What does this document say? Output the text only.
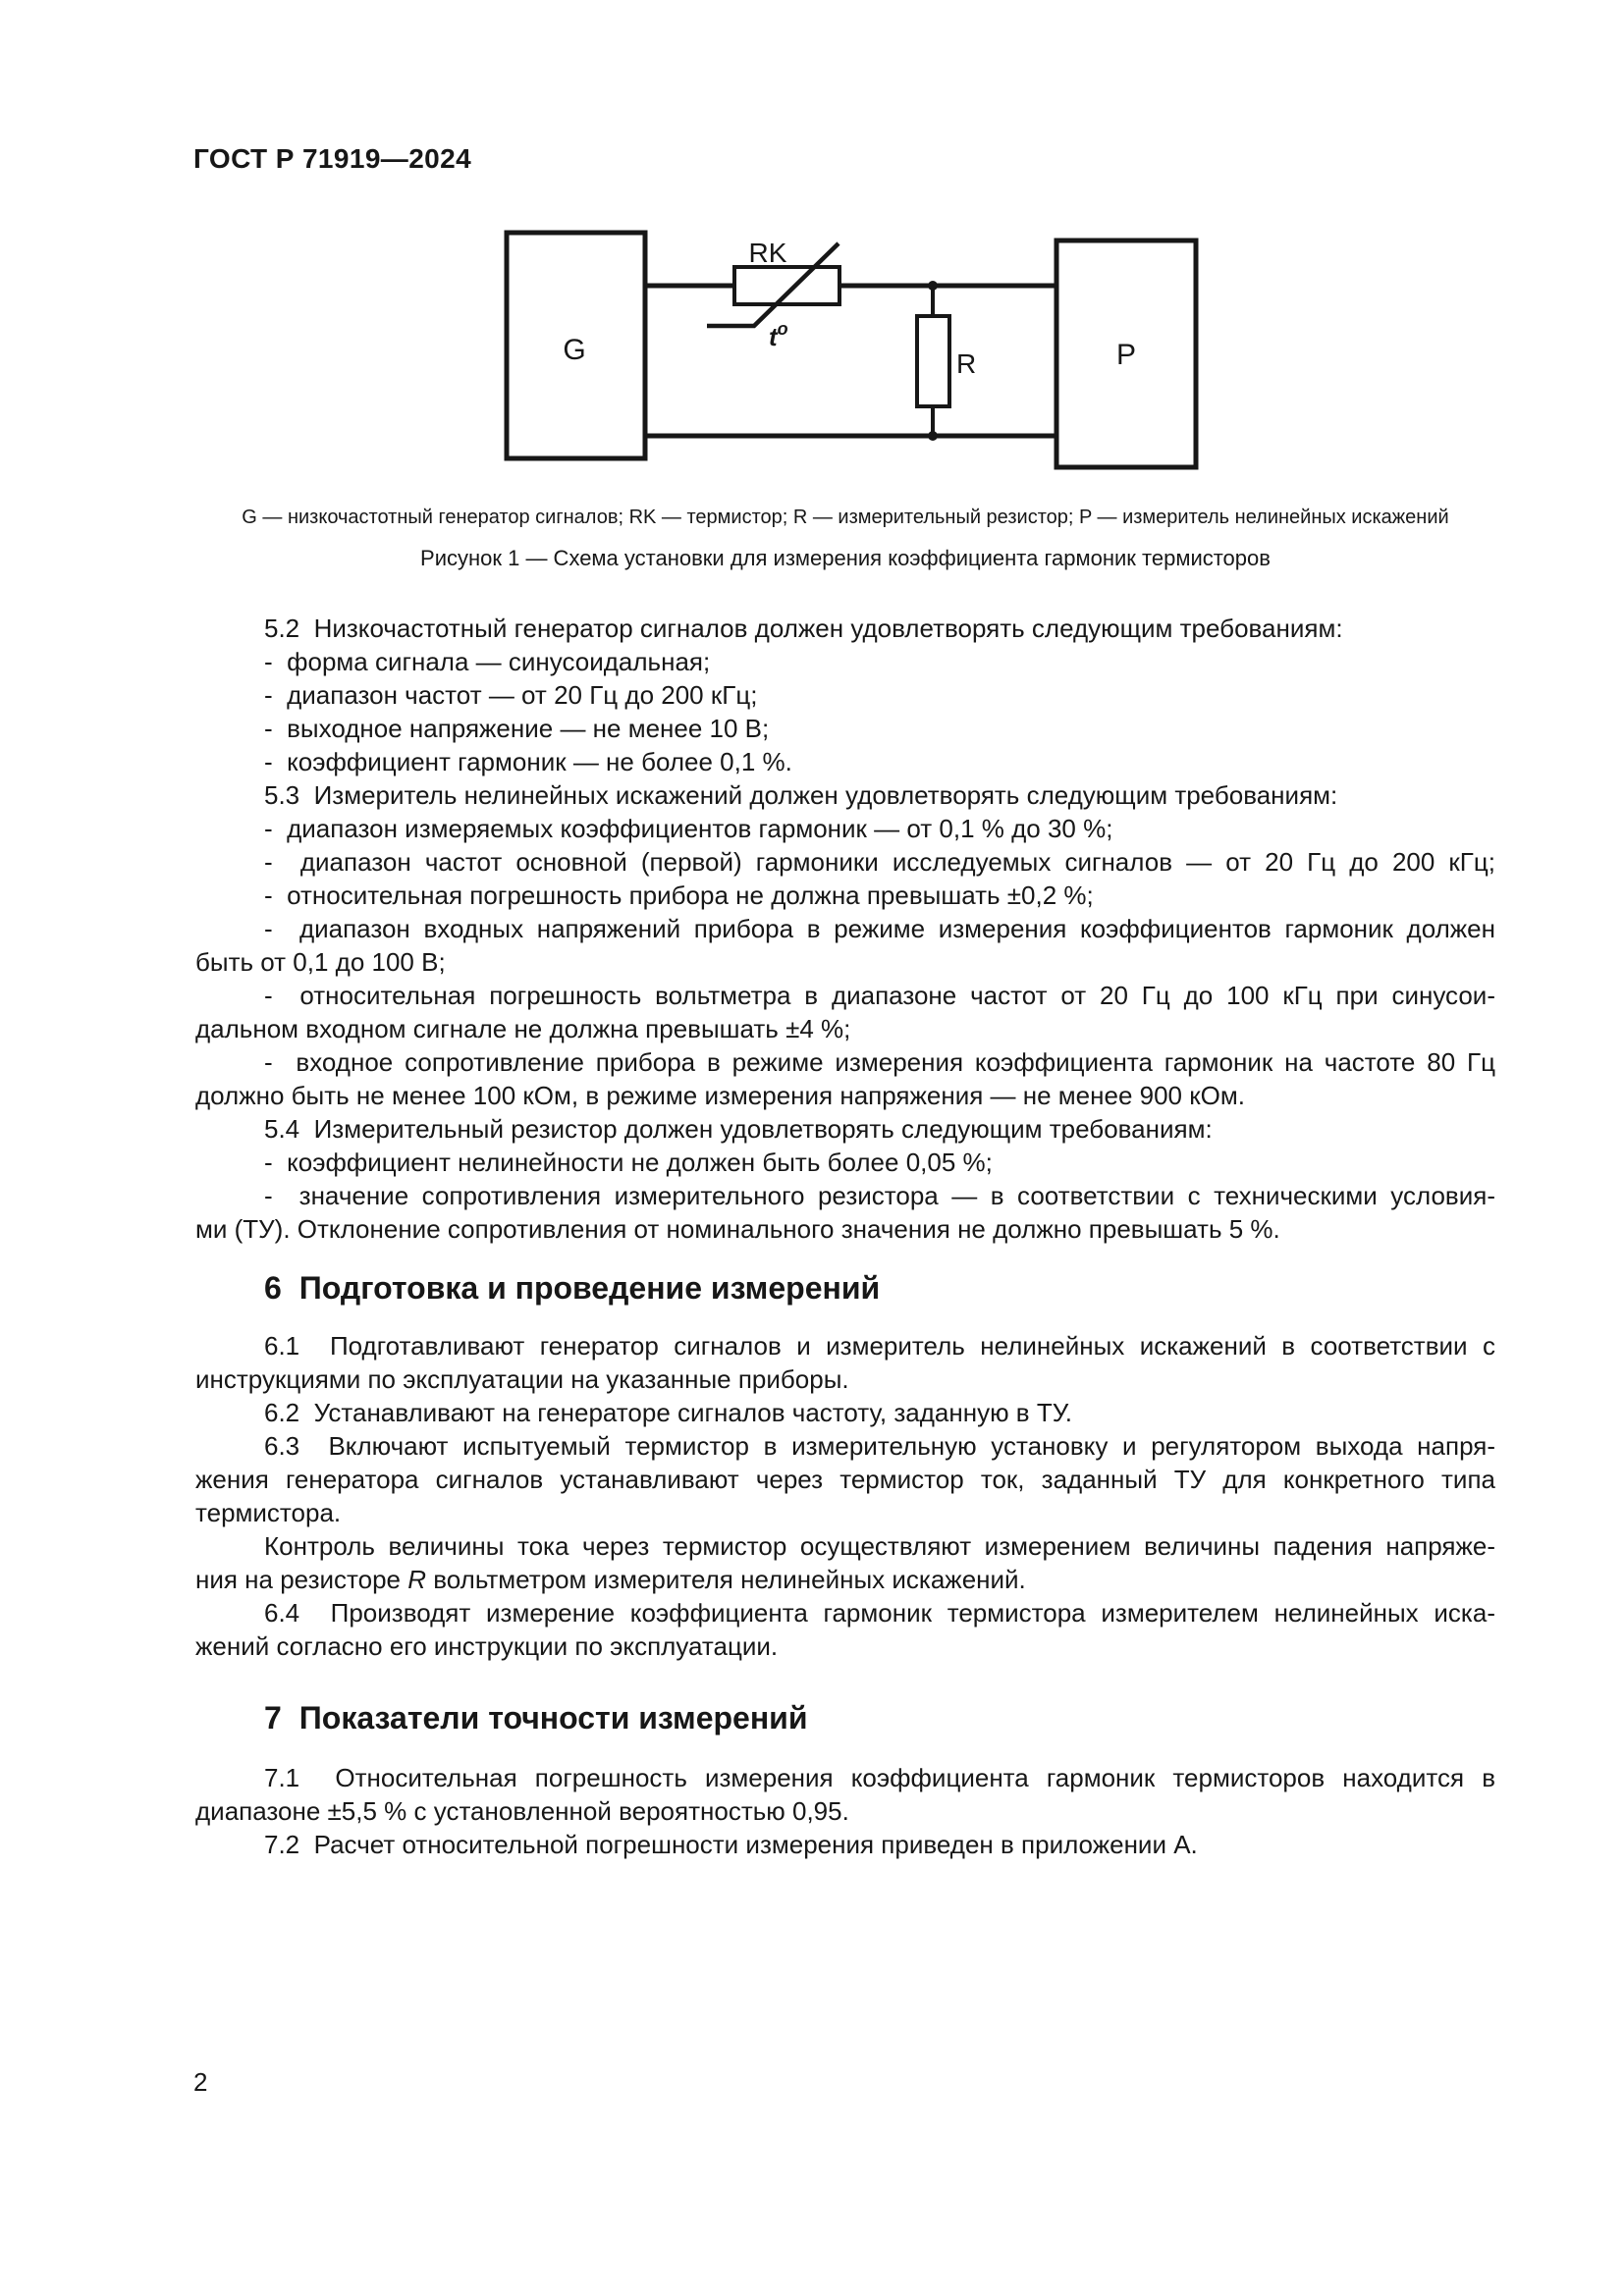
ГОСТ Р 71919—2024
G	P
RK
R
$t^o$
G — низкочастотный генератор сигналов; RK — термистор; R — измерительный резистор; P — измеритель нелинейных искажений
Рисунок 1 — Схема установки для измерения коэффициента гармоник термисторов
5.2  Низкочастотный генератор сигналов должен удовлетворять следующим требованиям:
-  форма сигнала — синусоидальная;
-  диапазон частот — от 20 Гц до 200 кГц;
-  выходное напряжение — не менее 10 В;
-  коэффициент гармоник — не более 0,1 %.
5.3  Измеритель нелинейных искажений должен удовлетворять следующим требованиям:
-  диапазон измеряемых коэффициентов гармоник — от 0,1 % до 30 %;
-  диапазон частот основной (первой) гармоники исследуемых сигналов — от 20 Гц до 200 кГц;
-  относительная погрешность прибора не должна превышать ±0,2 %;
-  диапазон входных напряжений прибора в режиме измерения коэффициентов гармоник должен
быть от 0,1 до 100 В;
-  относительная погрешность вольтметра в диапазоне частот от 20 Гц до 100 кГц при синусои-
дальном входном сигнале не должна превышать ±4 %;
-  входное сопротивление прибора в режиме измерения коэффициента гармоник на частоте 80 Гц
должно быть не менее 100 кОм, в режиме измерения напряжения — не менее 900 кОм.
5.4  Измерительный резистор должен удовлетворять следующим требованиям:
-  коэффициент нелинейности не должен быть более 0,05 %;
-  значение сопротивления измерительного резистора — в соответствии с техническими условия-
ми (ТУ). Отклонение сопротивления от номинального значения не должно превышать 5 %.
6 Подготовка и проведение измерений
6.1  Подготавливают генератор сигналов и измеритель нелинейных искажений в соответствии с
инструкциями по эксплуатации на указанные приборы.
6.2  Устанавливают на генераторе сигналов частоту, заданную в ТУ.
6.3  Включают испытуемый термистор в измерительную установку и регулятором выхода напря-
жения генератора сигналов устанавливают через термистор ток, заданный ТУ для конкретного типа
термистора.
Контроль величины тока через термистор осуществляют измерением величины падения напряже-
ния на резисторе R вольтметром измерителя нелинейных искажений.
6.4  Производят измерение коэффициента гармоник термистора измерителем нелинейных иска-
жений согласно его инструкции по эксплуатации.
7 Показатели точности измерений
7.1  Относительная погрешность измерения коэффициента гармоник термисторов находится в
диапазоне ±5,5 % с установленной вероятностью 0,95.
7.2  Расчет относительной погрешности измерения приведен в приложении А.
2
